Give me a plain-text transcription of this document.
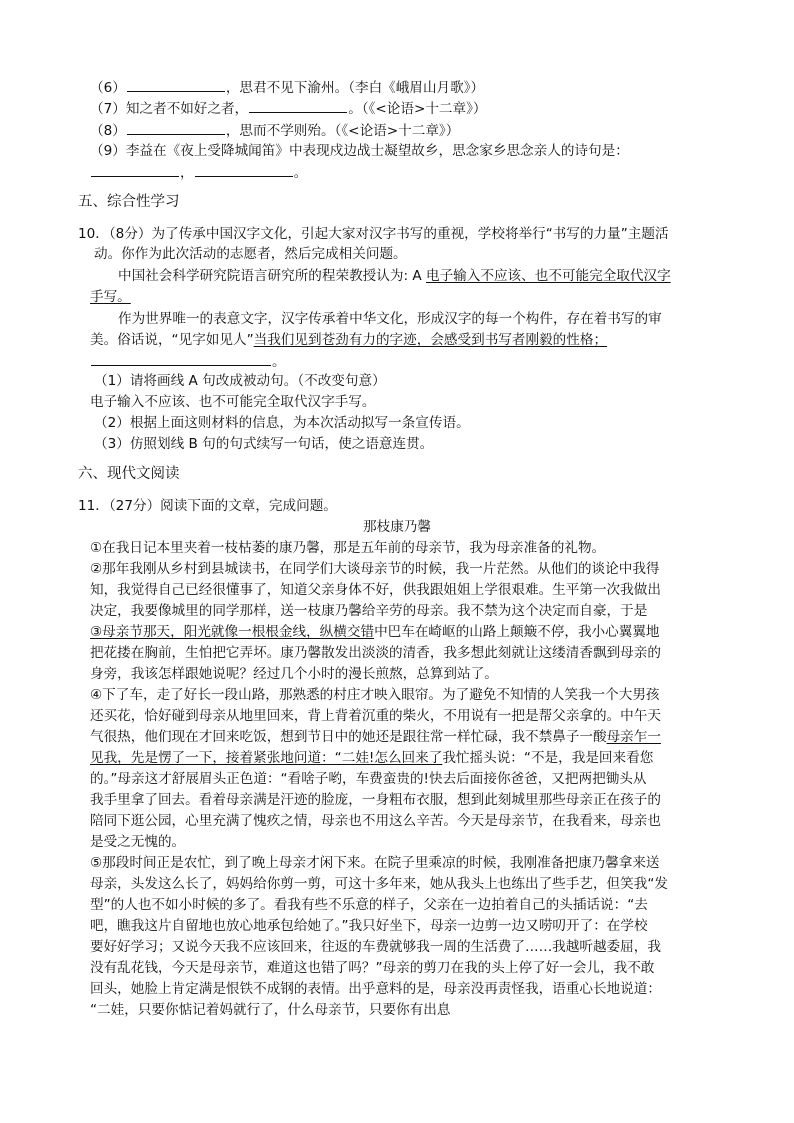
（6）	，思君不见下渝州。（李白《峨眉山月歌》）
（7）知之者不如好之者，	。（《<论语>十二章》）
（8）	，思而不学则殆。（《<论语>十二章》）
（9）李益在《夜上受降城闻笛》中表现戍边战士凝望故乡，思念家乡思念亲人的诗句是：
，	。
五、综合性学习
10．（8分）为了传承中国汉字文化，引起大家对汉字书写的重视，学校将举行“书写的力量”主题活
动。你作为此次活动的志愿者，然后完成相关问题。
中国社会科学研究院语言研究所的程荣教授认为: A 电子输入不应该、也不可能完全取代汉字
手写。
作为世界唯一的表意文字，汉字传承着中华文化，形成汉字的每一个构件，存在着书写的审
美。俗话说，“见字如见人”当我们见到苍劲有力的字迹，会感受到书写者刚毅的性格；
。
（1）请将画线 A 句改成被动句。（不改变句意）
电子输入不应该、也不可能完全取代汉字手写。
（2）根据上面这则材料的信息，为本次活动拟写一条宣传语。
（3）仿照划线 B 句的句式续写一句话，使之语意连贯。
六、现代文阅读
11．（27分）阅读下面的文章，完成问题。
那枝康乃馨
①在我日记本里夹着一枝枯萎的康乃馨，那是五年前的母亲节，我为母亲准备的礼物。
②那年我刚从乡村到县城读书，在同学们大谈母亲节的时候，我一片茫然。从他们的谈论中我得
知，我觉得自己已经很懂事了，知道父亲身体不好，供我跟姐姐上学很艰难。生平第一次我做出
决定，我要像城里的同学那样，送一枝康乃馨给辛劳的母亲。我不禁为这个决定而自豪，于是
③母亲节那天，阳光就像一根根金线，纵横交错中巴车在崎岖的山路上颠簸不停，我小心翼翼地
把花搂在胸前，生怕把它弄坏。康乃馨散发出淡淡的清香，我多想此刻就让这缕清香飘到母亲的
身旁，我该怎样跟她说呢？经过几个小时的漫长煎熬，总算到站了。
④下了车，走了好长一段山路，那熟悉的村庄才映入眼帘。为了避免不知情的人笑我一个大男孩
还买花，恰好碰到母亲从地里回来，背上背着沉重的柴火，不用说有一把是帮父亲拿的。中午天
气很热，他们现在才回来吃饭，想到节日中的她还是跟往常一样忙碌，我不禁鼻子一酸母亲乍一
见我，先是愣了一下，接着紧张地问道：“二娃!怎么回来了我忙摇头说：“不是，我是回来看您
的。”母亲这才舒展眉头正色道：“看啥子哟，车费蛮贵的!快去后面接你爸爸，又把两把锄头从
我手里拿了回去。看着母亲满是汗迹的脸庞，一身粗布衣服，想到此刻城里那些母亲正在孩子的
陪同下逛公园，心里充满了愧疚之情，母亲也不用这么辛苦。今天是母亲节，在我看来，母亲也
是受之无愧的。
⑤那段时间正是农忙，到了晚上母亲才闲下来。在院子里乘凉的时候，我刚准备把康乃馨拿来送
母亲，头发这么长了，妈妈给你剪一剪，可这十多年来，她从我头上也练出了些手艺，但笑我“发
型”的人也不如小时候的多了。看我有些不乐意的样子，父亲在一边拍着自己的头插话说：“去
吧，瞧我这片自留地也放心地承包给她了。”我只好坐下，母亲一边剪一边又唠叨开了：在学校
要好好学习；又说今天我不应该回来，往返的车费就够我一周的生活费了……我越听越委屈，我
没有乱花钱，今天是母亲节，难道这也错了吗？”母亲的剪刀在我的头上停了好一会儿，我不敢
回头，她脸上肯定满是恨铁不成钢的表情。出乎意料的是，母亲没再责怪我，语重心长地说道：
“二娃，只要你惦记着妈就行了，什么母亲节，只要你有出息
